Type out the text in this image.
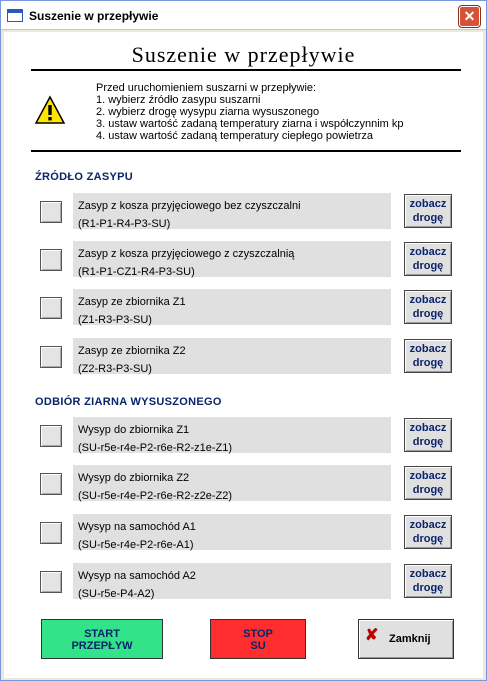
Suszenie w przepływie	✕
Suszenie w przepływie
Przed uruchomieniem suszarni w przepływie:
1. wybierz źródło zasypu suszarni
2. wybierz drogę wysypu ziarna wysuszonego
3. ustaw wartość zadaną temperatury ziarna i współczynnim kp
4. ustaw wartość zadaną temperatury ciepłego powietrza
ŹRÓDŁO ZASYPU
Zasyp z kosza przyjęciowego bez czyszczalni
(R1-P1-R4-P3-SU)
zobacz
drogę
Zasyp z kosza przyjęciowego z czyszczalnią
(R1-P1-CZ1-R4-P3-SU)
zobacz
drogę
Zasyp ze zbiornika Z1
(Z1-R3-P3-SU)
zobacz
drogę
Zasyp ze zbiornika Z2
(Z2-R3-P3-SU)
zobacz
drogę
ODBIÓR ZIARNA WYSUSZONEGO
Wysyp do zbiornika Z1
(SU-r5e-r4e-P2-r6e-R2-z1e-Z1)
zobacz
drogę
Wysyp do zbiornika Z2
(SU-r5e-r4e-P2-r6e-R2-z2e-Z2)
zobacz
drogę
Wysyp na samochód A1
(SU-r5e-r4e-P2-r6e-A1)
zobacz
drogę
Wysyp na samochód A2
(SU-r5e-P4-A2)
zobacz
drogę
START
PRZEPŁYW
STOP
SU
✘ Zamknij
